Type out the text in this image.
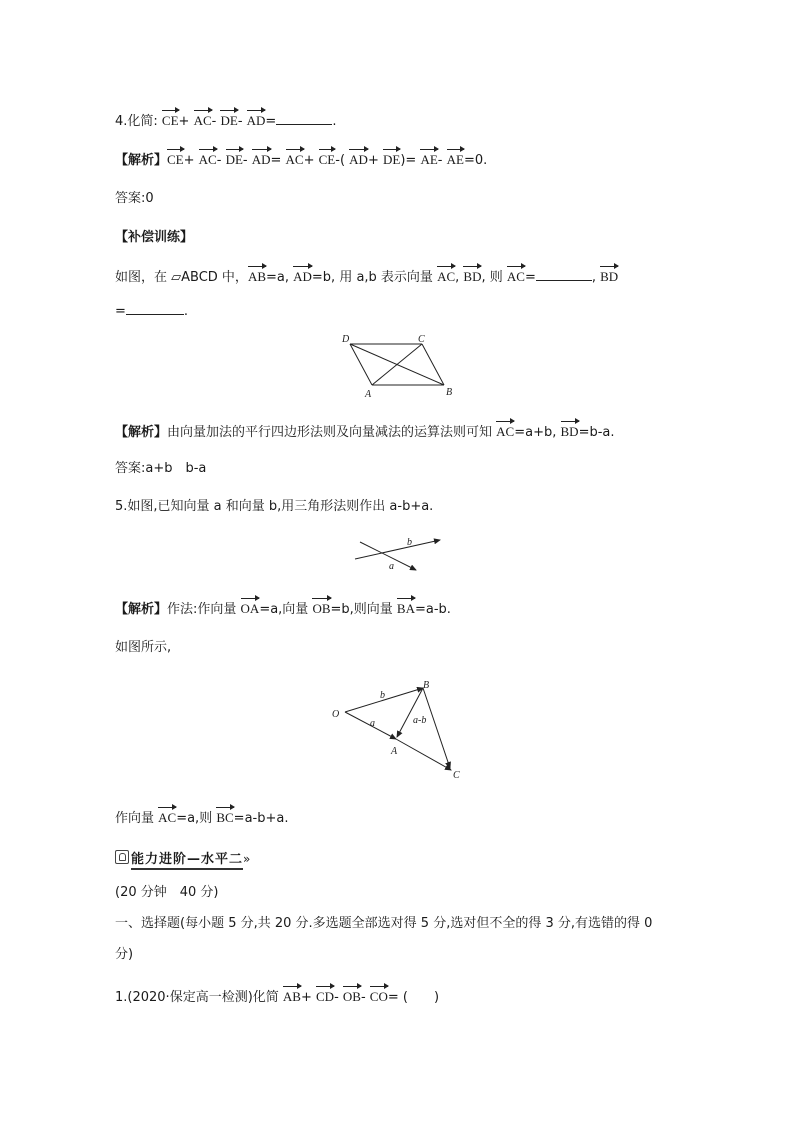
4.化简: CE+ AC- DE- AD=	.
【解析】CE+ AC- DE- AD= AC+ CE-( AD+ DE)= AE- AE=0.
答案:0
【补偿训练】
如图，在 ▱ABCD 中，AB=a, AD=b, 用 a,b 表示向量 AC, BD, 则 AC=	, BD
=	.
D	C
A	B
【解析】由向量加法的平行四边形法则及向量减法的运算法则可知 AC=a+b, BD=b-a.
答案:a+b　b-a
5.如图,已知向量 a 和向量 b,用三角形法则作出 a-b+a.
b
a
【解析】作法:作向量 OA=a,向量 OB=b,则向量 BA=a-b.
如图所示,
O
B
A
C
b
a	a-b
作向量 AC=a,则 BC=a-b+a.
能力进阶—水平二»
(20 分钟　40 分)
一、选择题(每小题 5 分,共 20 分.多选题全部选对得 5 分,选对但不全的得 3 分,有选错的得 0
分)
1.(2020·保定高一检测)化简 AB+ CD- OB- CO= (　　)
